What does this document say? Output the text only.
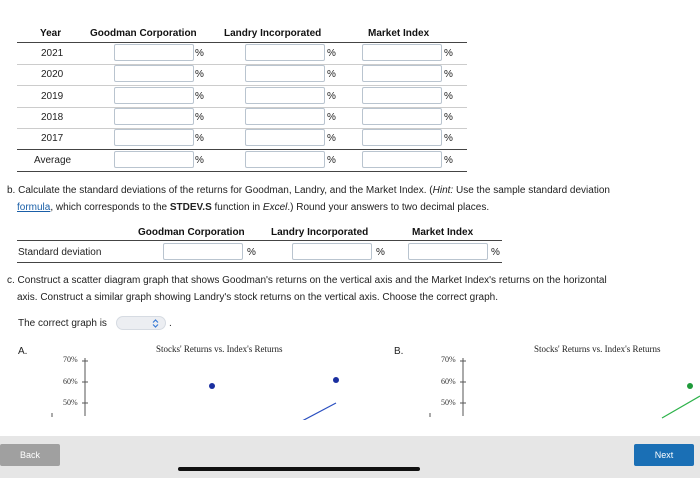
Year	Goodman Corporation	Landry Incorporated	Market Index
2021	%	%	%
2020	%	%	%
2019	%	%	%
2018	%	%	%
2017	%	%	%
Average	%	%	%
b. Calculate the standard deviations of the returns for Goodman, Landry, and the Market Index. (Hint: Use the sample standard deviation
formula, which corresponds to the STDEV.S function in Excel.) Round your answers to two decimal places.
Goodman Corporation	Landry Incorporated	Market Index
Standard deviation	%	%	%
c. Construct a scatter diagram graph that shows Goodman's returns on the vertical axis and the Market Index's returns on the horizontal
axis. Construct a similar graph showing Landry's stock returns on the vertical axis. Choose the correct graph.
The correct graph is	.
A.	Stocks' Returns vs. Index's Returns
70%
60%
50%
B.	Stocks' Returns vs. Index's Returns
70%
60%
50%
Back	Next
